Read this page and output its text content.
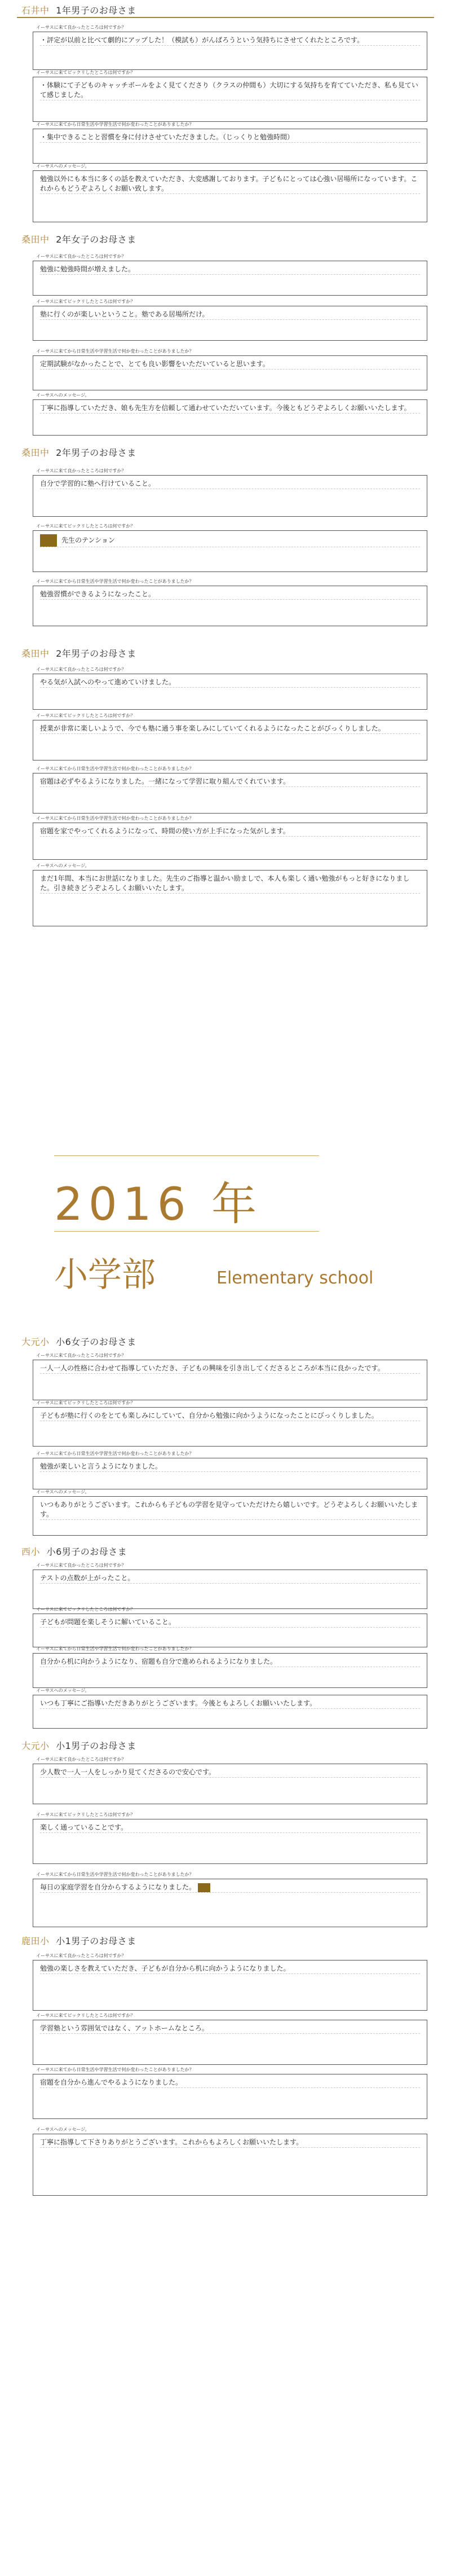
石井中 1年男子のお母さま
イーサスに来て良かったところは何ですか？
・評定が以前と比べて劇的にアップした！（模試も）がんばろうという気持ちにさせてくれたところです。
イーサスに来てビックリしたところは何ですか？
・体験にて子どものキャッチボールをよく見てくださり（クラスの仲間も）大切にする気持ちを育てていただき、私も見ていて感じました。
イーサスに来てから日常生活や学習生活で何か変わったことがありましたか？
・集中できることと習慣を身に付けさせていただきました。（じっくりと勉強時間）
イーサスへのメッセージ。
勉強以外にも本当に多くの話を教えていただき、大変感謝しております。子どもにとっては心強い居場所になっています。これからもどうぞよろしくお願い致します。
桑田中 2年女子のお母さま
イーサスに来て良かったところは何ですか？
勉強に勉強時間が増えました。
イーサスに来てビックリしたところは何ですか？
塾に行くのが楽しいということ。塾である居場所だけ。
イーサスに来てから日常生活や学習生活で何か変わったことがありましたか？
定期試験がなかったことで、とても良い影響をいただいていると思います。
イーサスへのメッセージ。
丁寧に指導していただき、娘も先生方を信頼して通わせていただいています。今後ともどうぞよろしくお願いいたします。
桑田中 2年男子のお母さま
イーサスに来て良かったところは何ですか？
自分で学習的に塾へ行けていること。
イーサスに来てビックリしたところは何ですか？
先生のテンション
イーサスに来てから日常生活や学習生活で何か変わったことがありましたか？
勉強習慣ができるようになったこと。
桑田中 2年男子のお母さま
イーサスに来て良かったところは何ですか？
やる気が入試へのやって進めていけました。
イーサスに来てビックリしたところは何ですか？
授業が非常に楽しいようで、今でも塾に通う事を楽しみにしていてくれるようになったことがびっくりしました。
イーサスに来てから日常生活や学習生活で何か変わったことがありましたか？
宿題は必ずやるようになりました。一緒になって学習に取り組んでくれています。
イーサスに来てから日常生活や学習生活で何か変わったことがありましたか？
宿題を家でやってくれるようになって、時間の使い方が上手になった気がします。
イーサスへのメッセージ。
まだ1年間、本当にお世話になりました。先生のご指導と温かい励ましで、本人も楽しく通い勉強がもっと好きになりました。引き続きどうぞよろしくお願いいたします。
2016 年
小学部	Elementary school
大元小 小6女子のお母さま
イーサスに来て良かったところは何ですか？
一人一人の性格に合わせて指導していただき、子どもの興味を引き出してくださるところが本当に良かったです。
イーサスに来てビックリしたところは何ですか？
子どもが塾に行くのをとても楽しみにしていて、自分から勉強に向かうようになったことにびっくりしました。
イーサスに来てから日常生活や学習生活で何か変わったことがありましたか？
勉強が楽しいと言うようになりました。
イーサスへのメッセージ。
いつもありがとうございます。これからも子どもの学習を見守っていただけたら嬉しいです。どうぞよろしくお願いいたします。
西小 小6男子のお母さま
イーサスに来て良かったところは何ですか？
テストの点数が上がったこと。
イーサスに来てビックリしたところは何ですか？
子どもが問題を楽しそうに解いていること。
イーサスに来てから日常生活や学習生活で何か変わったことがありましたか？
自分から机に向かうようになり、宿題も自分で進められるようになりました。
イーサスへのメッセージ。
いつも丁寧にご指導いただきありがとうございます。今後ともよろしくお願いいたします。
大元小 小1男子のお母さま
イーサスに来て良かったところは何ですか？
少人数で一人一人をしっかり見てくださるので安心です。
イーサスに来てビックリしたところは何ですか？
楽しく通っていることです。
イーサスに来てから日常生活や学習生活で何か変わったことがありましたか？
毎日の家庭学習を自分からするようになりました。
鹿田小 小1男子のお母さま
イーサスに来て良かったところは何ですか？
勉強の楽しさを教えていただき、子どもが自分から机に向かうようになりました。
イーサスに来てビックリしたところは何ですか？
学習塾という雰囲気ではなく、アットホームなところ。
イーサスに来てから日常生活や学習生活で何か変わったことがありましたか？
宿題を自分から進んでやるようになりました。
イーサスへのメッセージ。
丁寧に指導して下さりありがとうございます。これからもよろしくお願いいたします。
